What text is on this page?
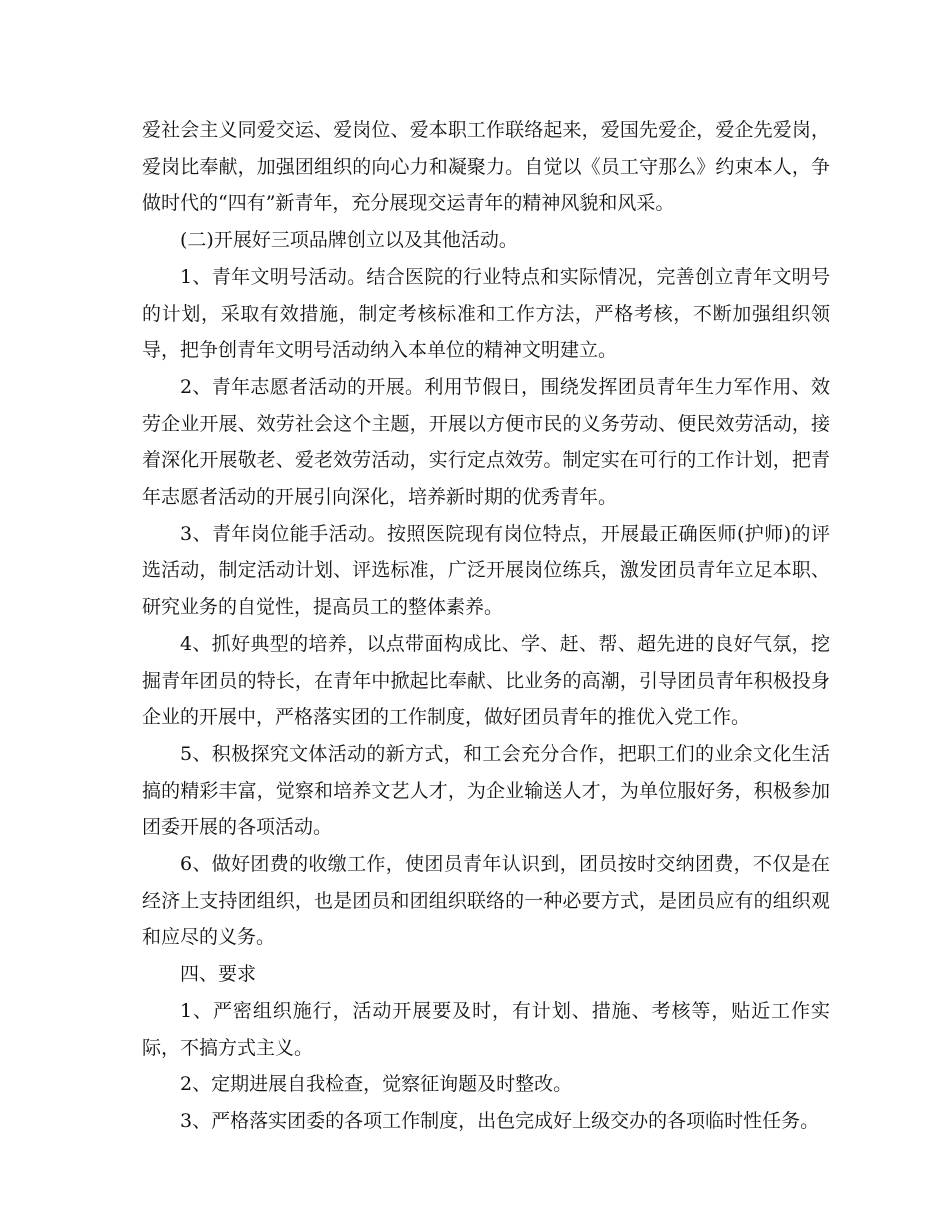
爱社会主义同爱交运、爱岗位、爱本职工作联络起来，爱国先爱企，爱企先爱岗，爱岗比奉献，加强团组织的向心力和凝聚力。自觉以《员工守那么》约束本人，争做时代的“四有”新青年，充分展现交运青年的精神风貌和风采。

(二)开展好三项品牌创立以及其他活动。

1、青年文明号活动。结合医院的行业特点和实际情况，完善创立青年文明号的计划，采取有效措施，制定考核标准和工作方法，严格考核，不断加强组织领导，把争创青年文明号活动纳入本单位的精神文明建立。

2、青年志愿者活动的开展。利用节假日，围绕发挥团员青年生力军作用、效劳企业开展、效劳社会这个主题，开展以方便市民的义务劳动、便民效劳活动，接着深化开展敬老、爱老效劳活动，实行定点效劳。制定实在可行的工作计划，把青年志愿者活动的开展引向深化，培养新时期的优秀青年。

3、青年岗位能手活动。按照医院现有岗位特点，开展最正确医师(护师)的评选活动，制定活动计划、评选标准，广泛开展岗位练兵，激发团员青年立足本职、研究业务的自觉性，提高员工的整体素养。

4、抓好典型的培养，以点带面构成比、学、赶、帮、超先进的良好气氛，挖掘青年团员的特长，在青年中掀起比奉献、比业务的高潮，引导团员青年积极投身企业的开展中，严格落实团的工作制度，做好团员青年的推优入党工作。

5、积极探究文体活动的新方式，和工会充分合作，把职工们的业余文化生活搞的精彩丰富，觉察和培养文艺人才，为企业输送人才，为单位服好务，积极参加团委开展的各项活动。

6、做好团费的收缴工作，使团员青年认识到，团员按时交纳团费，不仅是在经济上支持团组织，也是团员和团组织联络的一种必要方式，是团员应有的组织观和应尽的义务。

四、要求

1、严密组织施行，活动开展要及时，有计划、措施、考核等，贴近工作实际，不搞方式主义。

2、定期进展自我检查，觉察征询题及时整改。

3、严格落实团委的各项工作制度，出色完成好上级交办的各项临时性任务。
